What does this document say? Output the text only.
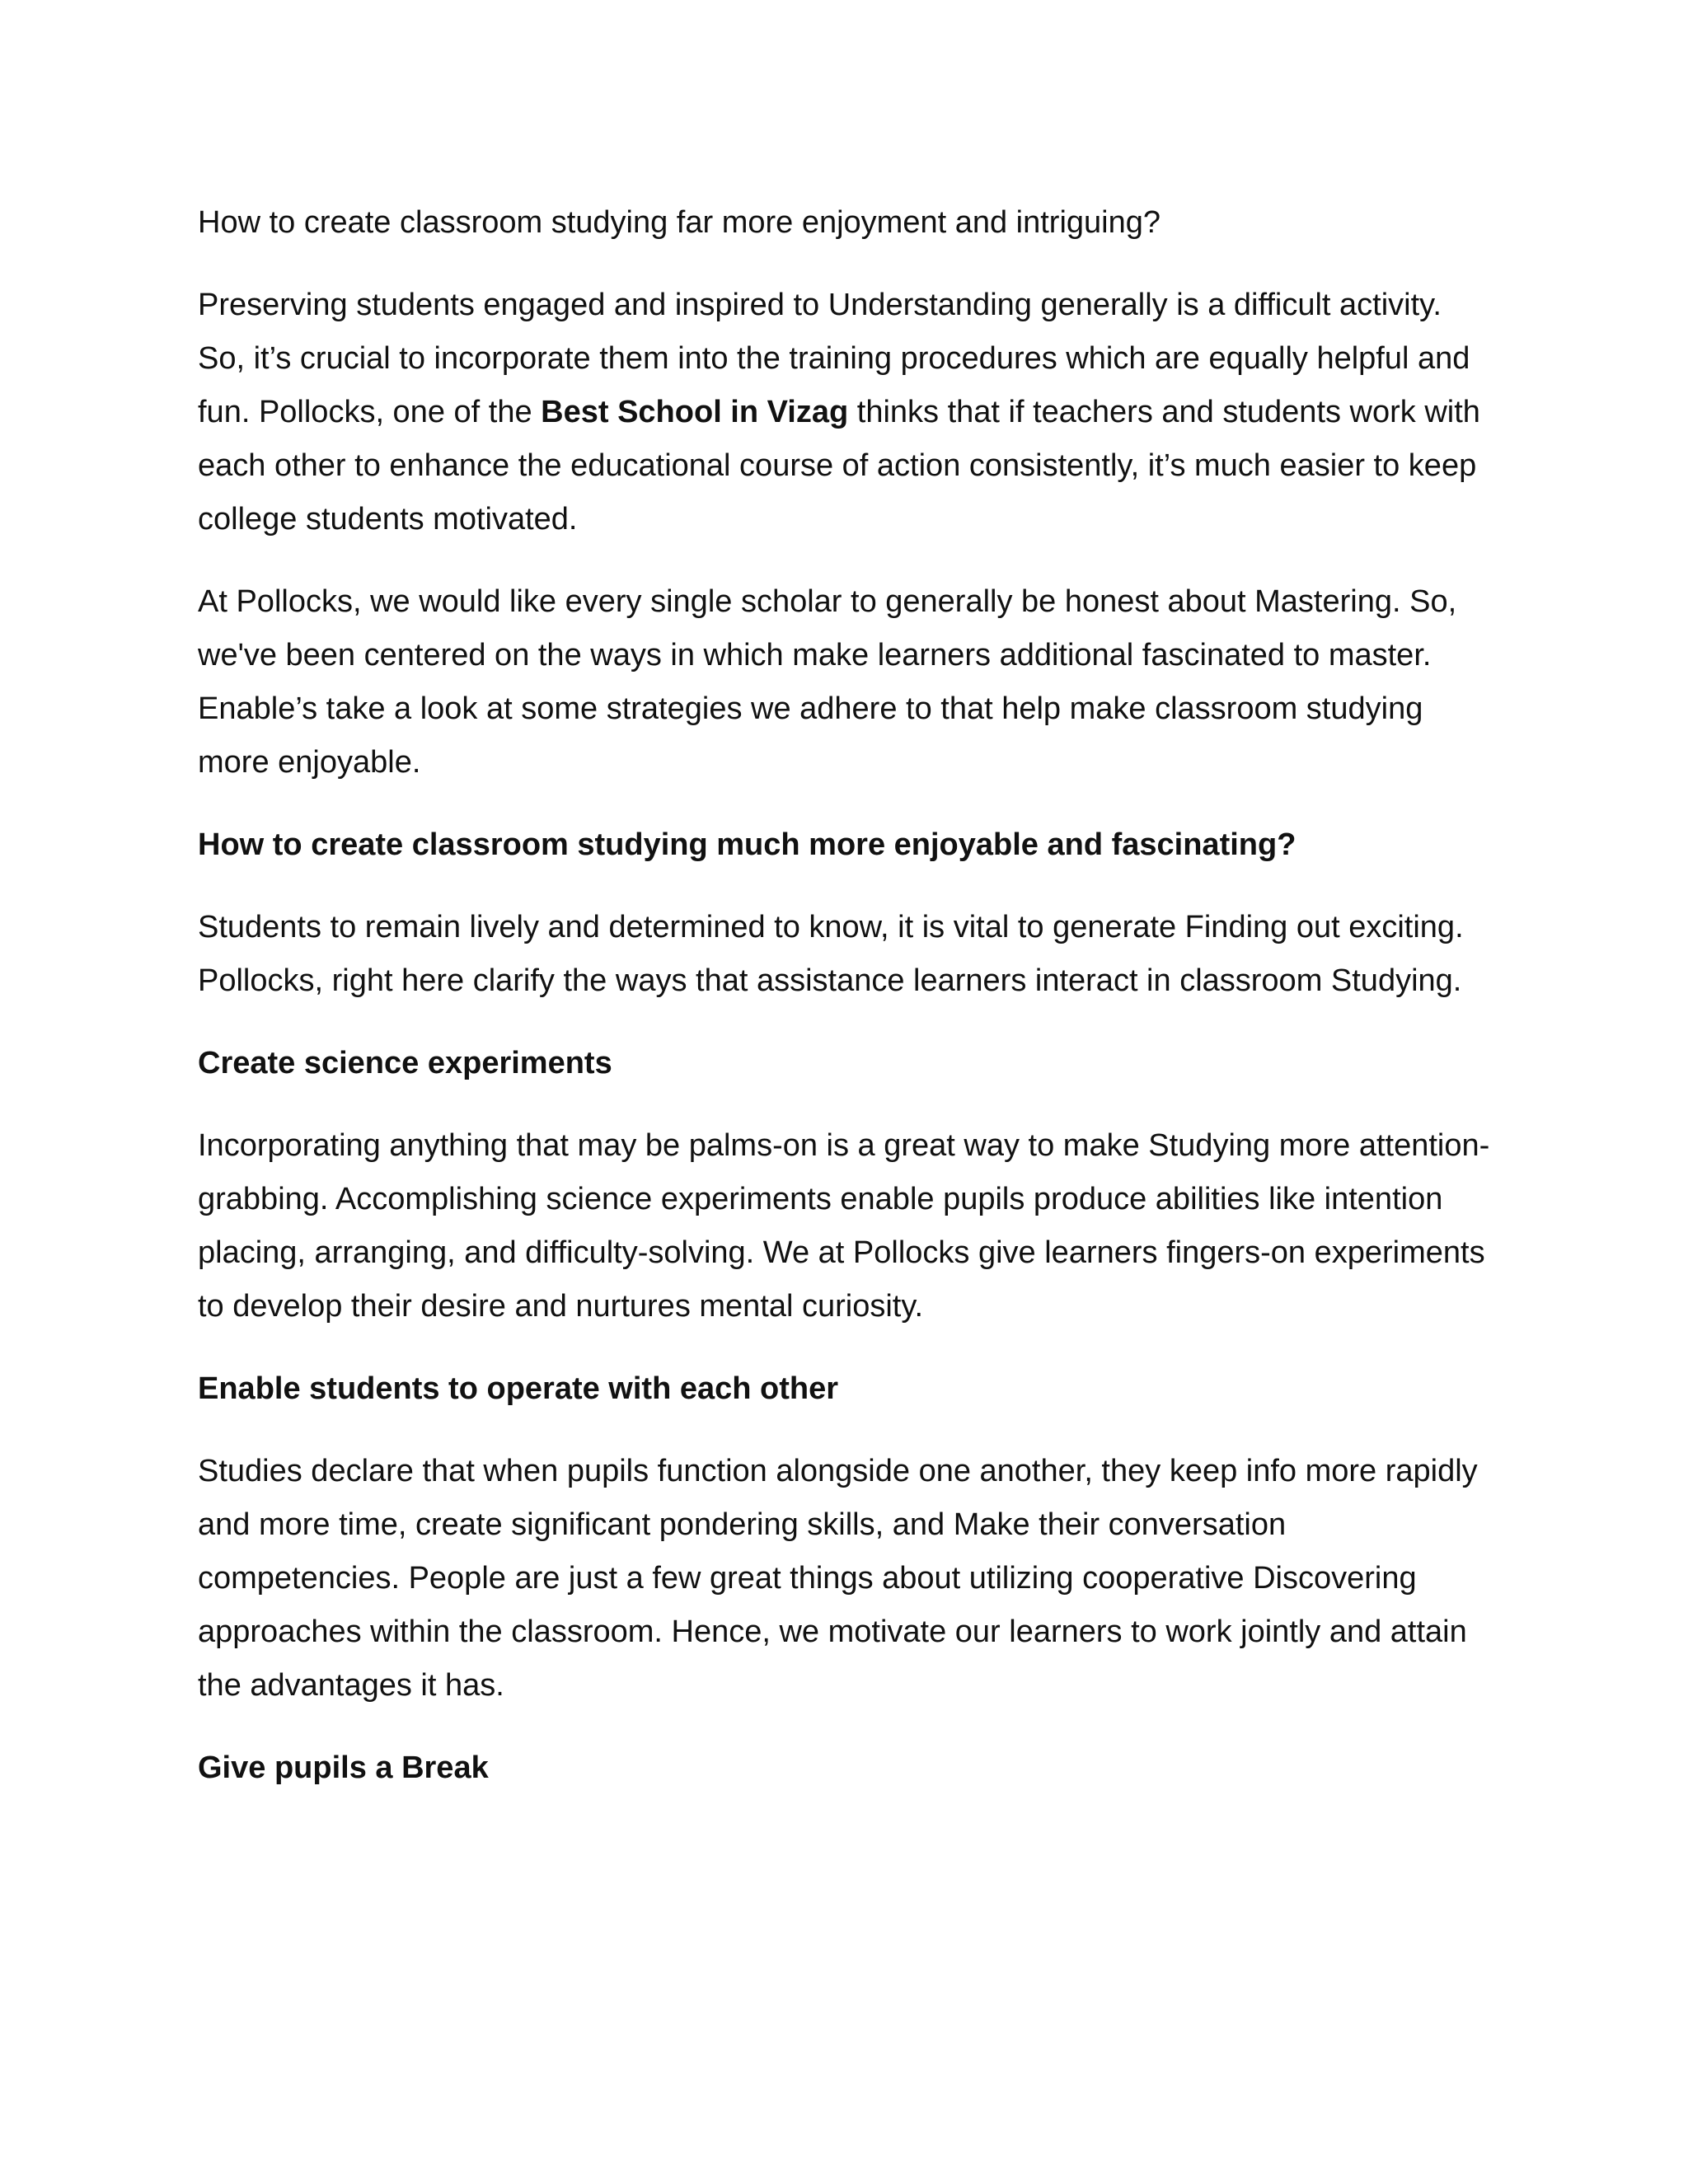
How to create classroom studying far more enjoyment and intriguing?

Preserving students engaged and inspired to Understanding generally is a difficult activity. So, it’s crucial to incorporate them into the training procedures which are equally helpful and fun. Pollocks, one of the Best School in Vizag thinks that if teachers and students work with each other to enhance the educational course of action consistently, it’s much easier to keep college students motivated.

At Pollocks, we would like every single scholar to generally be honest about Mastering. So, we've been centered on the ways in which make learners additional fascinated to master. Enable’s take a look at some strategies we adhere to that help make classroom studying more enjoyable.

How to create classroom studying much more enjoyable and fascinating?

Students to remain lively and determined to know, it is vital to generate Finding out exciting. Pollocks, right here clarify the ways that assistance learners interact in classroom Studying.

Create science experiments

Incorporating anything that may be palms-on is a great way to make Studying more attention-grabbing. Accomplishing science experiments enable pupils produce abilities like intention placing, arranging, and difficulty-solving. We at Pollocks give learners fingers-on experiments to develop their desire and nurtures mental curiosity.

Enable students to operate with each other

Studies declare that when pupils function alongside one another, they keep info more rapidly and more time, create significant pondering skills, and Make their conversation competencies. People are just a few great things about utilizing cooperative Discovering approaches within the classroom. Hence, we motivate our learners to work jointly and attain the advantages it has.

Give pupils a Break
